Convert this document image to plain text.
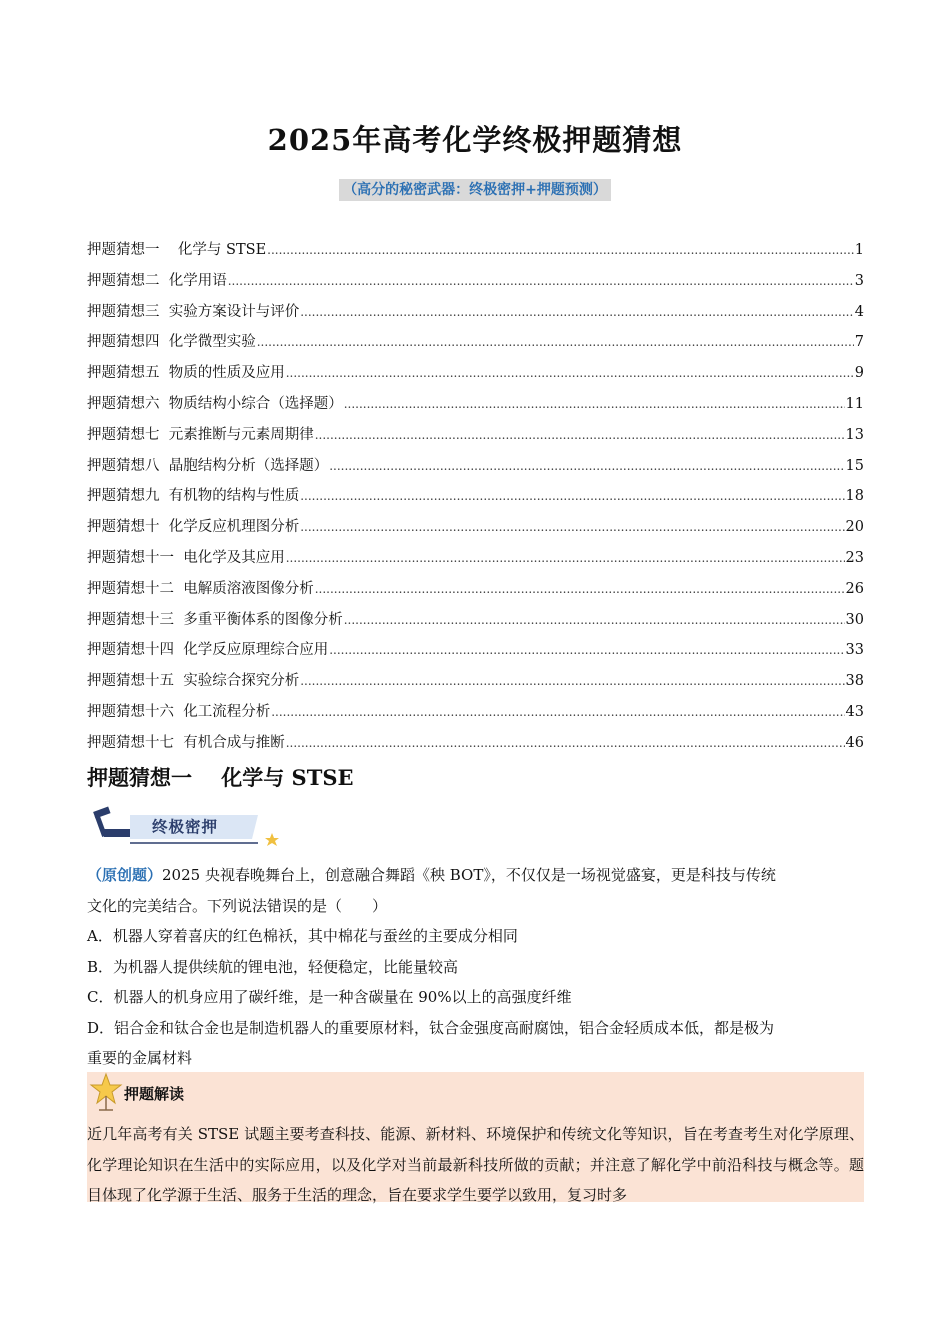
2025年高考化学终极押题猜想
（高分的秘密武器：终极密押+押题预测）
押题猜想一    化学与 STSE .....	1
押题猜想二  化学用语 .....	3
押题猜想三  实验方案设计与评价 .....	4
押题猜想四  化学微型实验 .....	7
押题猜想五  物质的性质及应用 .....	9
押题猜想六  物质结构小综合（选择题） .....	11
押题猜想七  元素推断与元素周期律 .....	13
押题猜想八  晶胞结构分析（选择题） .....	15
押题猜想九  有机物的结构与性质 .....	18
押题猜想十  化学反应机理图分析 .....	20
押题猜想十一  电化学及其应用 .....	23
押题猜想十二  电解质溶液图像分析 .....	26
押题猜想十三  多重平衡体系的图像分析 .....	30
押题猜想十四  化学反应原理综合应用 .....	33
押题猜想十五  实验综合探究分析 .....	38
押题猜想十六  化工流程分析 .....	43
押题猜想十七  有机合成与推断 .....	46
押题猜想一    化学与 STSE
终极密押

（原创题）2025 央视春晚舞台上，创意融合舞蹈《秧 BOT》，不仅仅是一场视觉盛宴，更是科技与传统

文化的完美结合。下列说法错误的是（　　）

A．机器人穿着喜庆的红色棉袄，其中棉花与蚕丝的主要成分相同

B．为机器人提供续航的锂电池，轻便稳定，比能量较高

C．机器人的机身应用了碳纤维，是一种含碳量在 90%以上的高强度纤维

D．铝合金和钛合金也是制造机器人的重要原材料，钛合金强度高耐腐蚀，铝合金轻质成本低，都是极为

重要的金属材料

押题解读
近几年高考有关 STSE 试题主要考查科技、能源、新材料、环境保护和传统文化等知识，旨在考查考生对化学原理、化学理论知识在生活中的实际应用，以及化学对当前最新科技所做的贡献；并注意了解化学中前沿科技与概念等。题目体现了化学源于生活、服务于生活的理念，旨在要求学生要学以致用，复习时多
